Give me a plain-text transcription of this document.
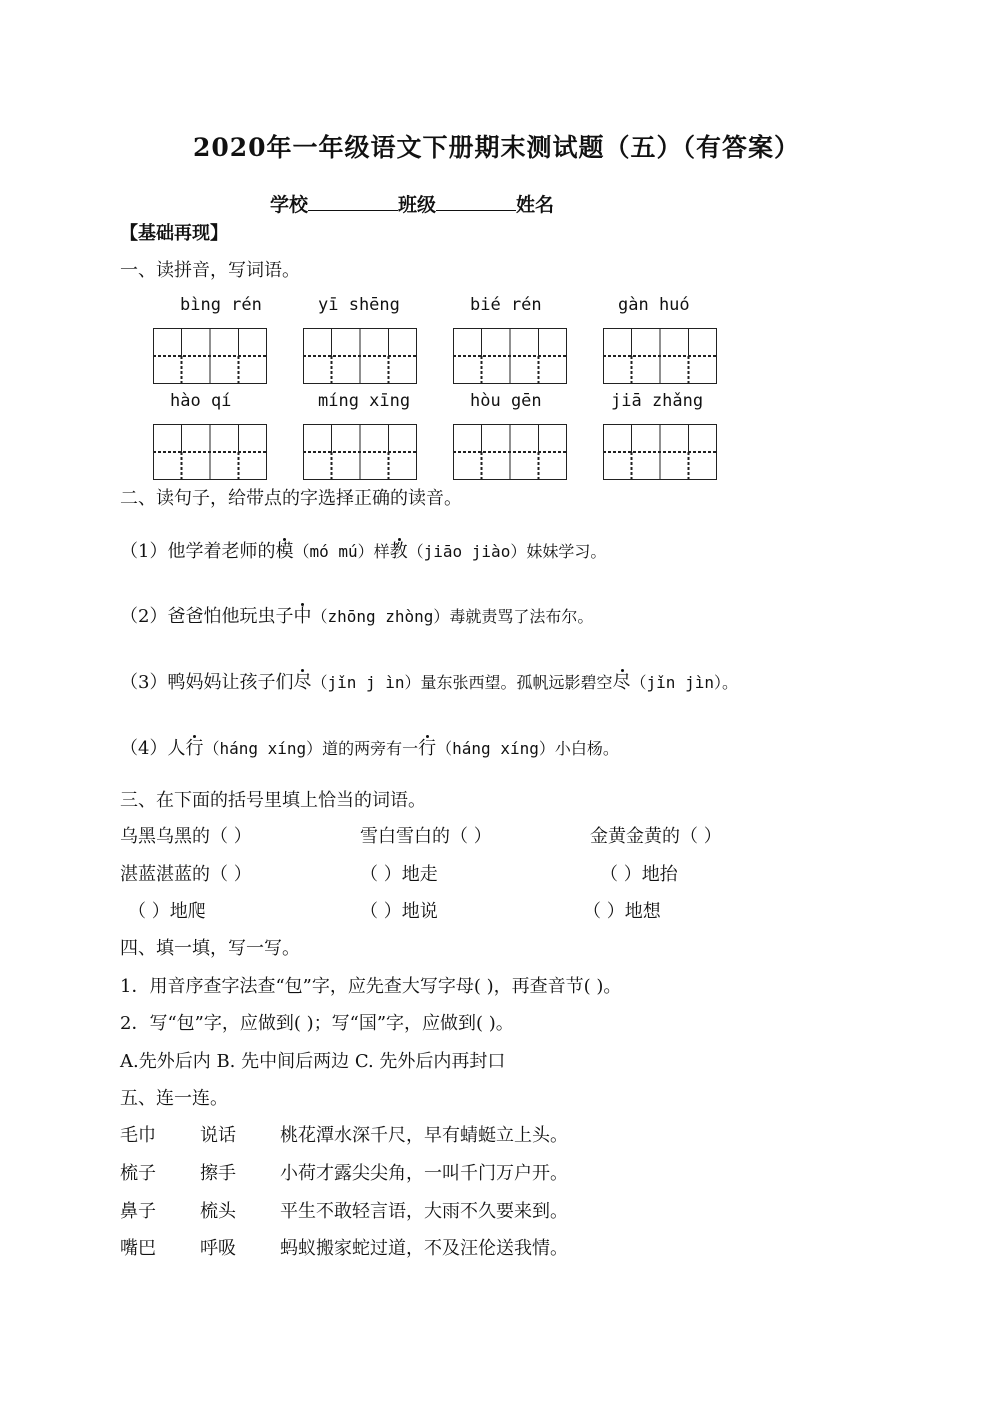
2020年一年级语文下册期末测试题（五）（有答案）
学校	班级	姓名
【基础再现】
一、读拼音，写词语。
bìng rén	yī shēng	bié rén	gàn huó
hào qí	míng xīng	hòu gēn	jiā zhǎng
二、读句子，给带点的字选择正确的读音。
（1）他学着老师的模（mó mú）样教（jiāo jiào）妹妹学习。
（2）爸爸怕他玩虫子中（zhōng zhòng）毒就责骂了法布尔。
（3）鸭妈妈让孩子们尽（jǐn j ìn）量东张西望。孤帆远影碧空尽（jǐn jìn）。
（4）人行（háng xíng）道的两旁有一行（háng xíng）小白杨。
三、在下面的括号里填上恰当的词语。
乌黑乌黑的（ ）	雪白雪白的（ ）	金黄金黄的（ ）
湛蓝湛蓝的（ ）	（ ）地走	（ ）地抬
（ ）地爬	（ ）地说	（ ）地想
四、填一填，写一写。
1．用音序查字法查“包”字，应先查大写字母( )，再查音节( )。
2．写“包”字，应做到( )；写“国”字，应做到( )。
A.先外后内 B. 先中间后两边 C. 先外后内再封口
五、连一连。
毛巾 说话 桃花潭水深千尺，早有蜻蜓立上头。
梳子 擦手 小荷才露尖尖角，一叫千门万户开。
鼻子 梳头 平生不敢轻言语，大雨不久要来到。
嘴巴 呼吸 蚂蚁搬家蛇过道，不及汪伦送我情。
